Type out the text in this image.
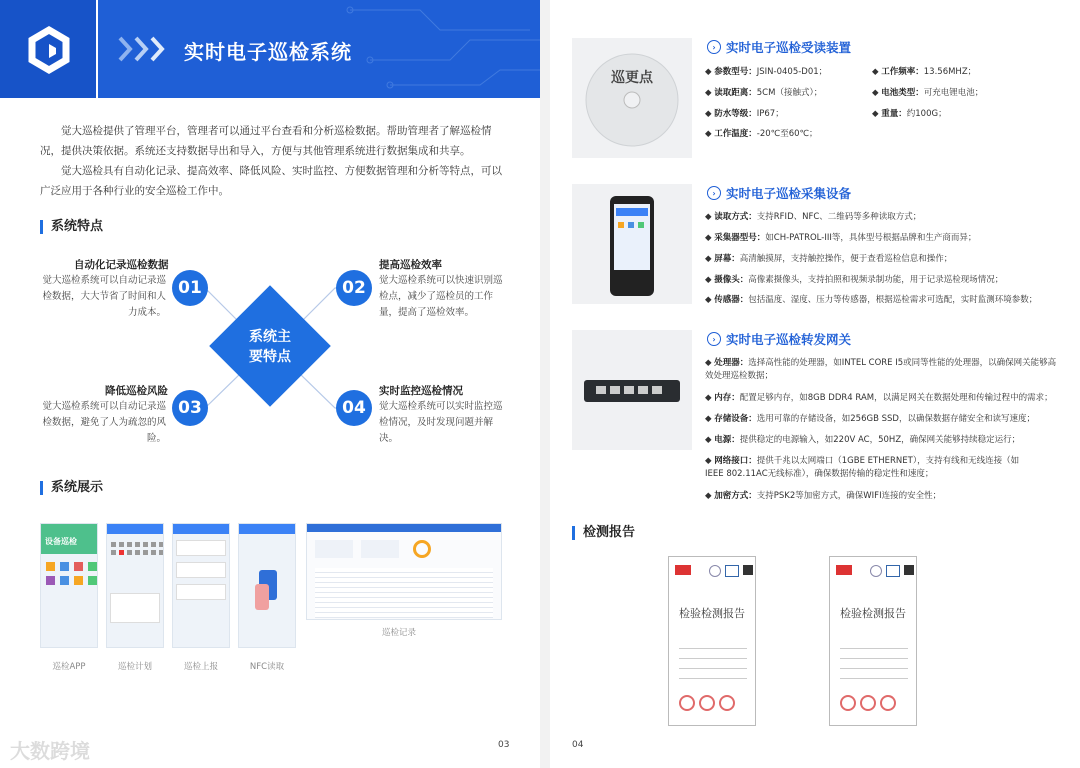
实时电子巡检系统
觉大巡检提供了管理平台，管理者可以通过平台查看和分析巡检数据。帮助管理者了解巡检情况，提供决策依据。系统还支持数据导出和导入，方便与其他管理系统进行数据集成和共享。
觉大巡检具有自动化记录、提高效率、降低风险、实时监控、方便数据管理和分析等特点，可以广泛应用于各种行业的安全巡检工作中。
系统特点
系统主
要特点
自动化记录巡检数据
觉大巡检系统可以自动记录巡检数据，大大节省了时间和人力成本。
01	02
提高巡检效率
觉大巡检系统可以快速识别巡检点，减少了巡检员的工作量，提高了巡检效率。
降低巡检风险
觉大巡检系统可以自动记录巡检数据，避免了人为疏忽的风险。
03	04
实时监控巡检情况
觉大巡检系统可以实时监控巡检情况，及时发现问题并解决。
系统展示
设备巡检
巡检APP	巡检计划	巡检上报	NFC读取
巡检记录
大数跨境	03
巡更点
› 实时电子巡检受读装置
◆ 参数型号：JSIN-0405-D01；	◆ 工作频率：13.56MHZ；
◆ 读取距离：5CM（接触式）；	◆ 电池类型：可充电锂电池；
◆ 防水等级：IP67；	◆ 重量：约100G；
◆ 工作温度：-20℃至60℃；
› 实时电子巡检采集设备
◆ 读取方式：支持RFID、NFC、二维码等多种读取方式；
◆ 采集器型号：如CH-PATROL-III等，具体型号根据品牌和生产商而异；
◆ 屏幕：高清触摸屏，支持触控操作，便于查看巡检信息和操作；
◆ 摄像头：高像素摄像头，支持拍照和视频录制功能，用于记录巡检现场情况；
◆ 传感器：包括温度、湿度、压力等传感器，根据巡检需求可选配，实时监测环境参数；
› 实时电子巡检转发网关
◆ 处理器：选择高性能的处理器，如INTEL CORE I5或同等性能的处理器，以确保网关能够高效处理巡检数据；
◆ 内存：配置足够内存，如8GB DDR4 RAM，以满足网关在数据处理和传输过程中的需求；
◆ 存储设备：选用可靠的存储设备，如256GB SSD，以确保数据存储安全和读写速度；
◆ 电源：提供稳定的电源输入，如220V AC，50HZ，确保网关能够持续稳定运行；
◆ 网络接口：提供千兆以太网端口（1GBE ETHERNET），支持有线和无线连接（如IEEE 802.11AC无线标准），确保数据传输的稳定性和速度；
◆ 加密方式：支持PSK2等加密方式，确保WIFI连接的安全性；
检测报告
检验检测报告	检验检测报告
04
